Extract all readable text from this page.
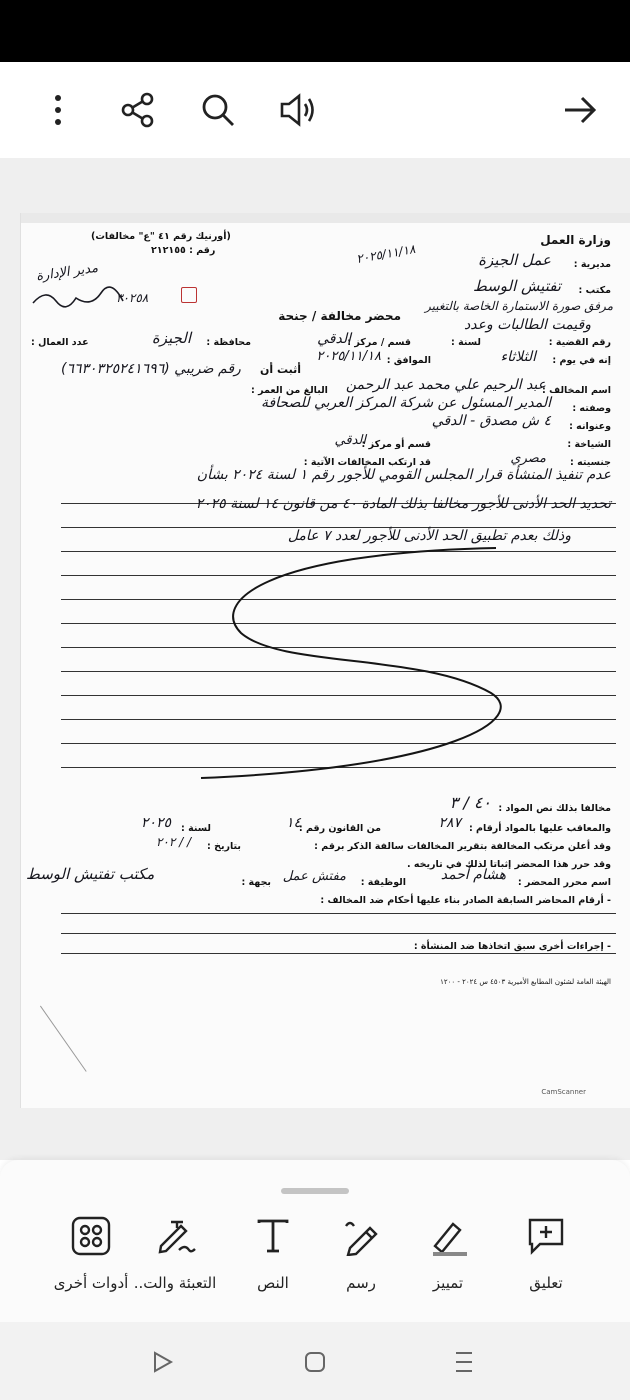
وزارة العمل
(أورنيك رقم ٤١ "ع" مخالفات)
رقم : ٢١٢١٥٥
مديرية :
عمل الجيزة
٢٠٢٥/١١/١٨
مكتب :
تفتيش الوسط
مرفق صورة الاستمارة الخاصة بالتغيير
وقيمت الطالبات وعدد
محضر مخالفة / جنحة
مدير الإدارة
٣٠٢٥٨
رقم القضية :
لسنة :
قسم / مركز :
الدقي
محافظة :
الجيزة
عدد العمال :
إنه في يوم :
الثلاثاء
الموافق :
٢٠٢٥/١١/١٨
أثبت أن
رقم ضريبي (٦٦٣٠٣٢٥٢٤١٦٩٦)
اسم المخالف :
عبد الرحيم علي محمد عبد الرحمن
البالغ من العمر :
وصفته :
المدير المسئول عن شركة المركز العربي للصحافة
وعنوانه :
٤ ش مصدق - الدقي
الشياخة :
قسم أو مركز :
الدقي
جنسيته :
مصري
قد ارتكب المخالفات الآتية :
عدم تنفيذ المنشأة قرار المجلس القومي للأجور رقم ١ لسنة ٢٠٢٤ بشأن
تحديد الحد الأدنى للأجور مخالفا بذلك المادة ٤٠ من قانون ١٤ لسنة ٢٠٢٥
وذلك بعدم تطبيق الحد الأدنى للأجور لعدد ٧ عامل
مخالفا بذلك نص المواد :
٤٠ / ٣
والمعاقب عليها بالمواد أرقام :
٢٨٧
من القانون رقم :
١٤
لسنة :
٢٠٢٥
وقد أعلن مرتكب المخالفة بتقرير المخالفات سالفة الذكر برقم :
بتاريخ :
/ / ٢٠٢
وقد حرر هذا المحضر إثباتا لذلك في تاريخه .
اسم محرر المحضر :
هشام أحمد
الوظيفة :
مفتش عمل
بجهة :
مكتب تفتيش الوسط
- أرقام المحاضر السابقة الصادر بناء عليها أحكام ضد المخالف :
- إجراءات أخرى سبق اتخاذها ضد المنشأة :
الهيئة العامة لشئون المطابع الأميرية ٤٥٠٣ س ٢٠٢٤ - ١٢٠٠
CamScanner
أدوات أخرى التعبئة والت..	النص	رسم	تمييز	تعليق
